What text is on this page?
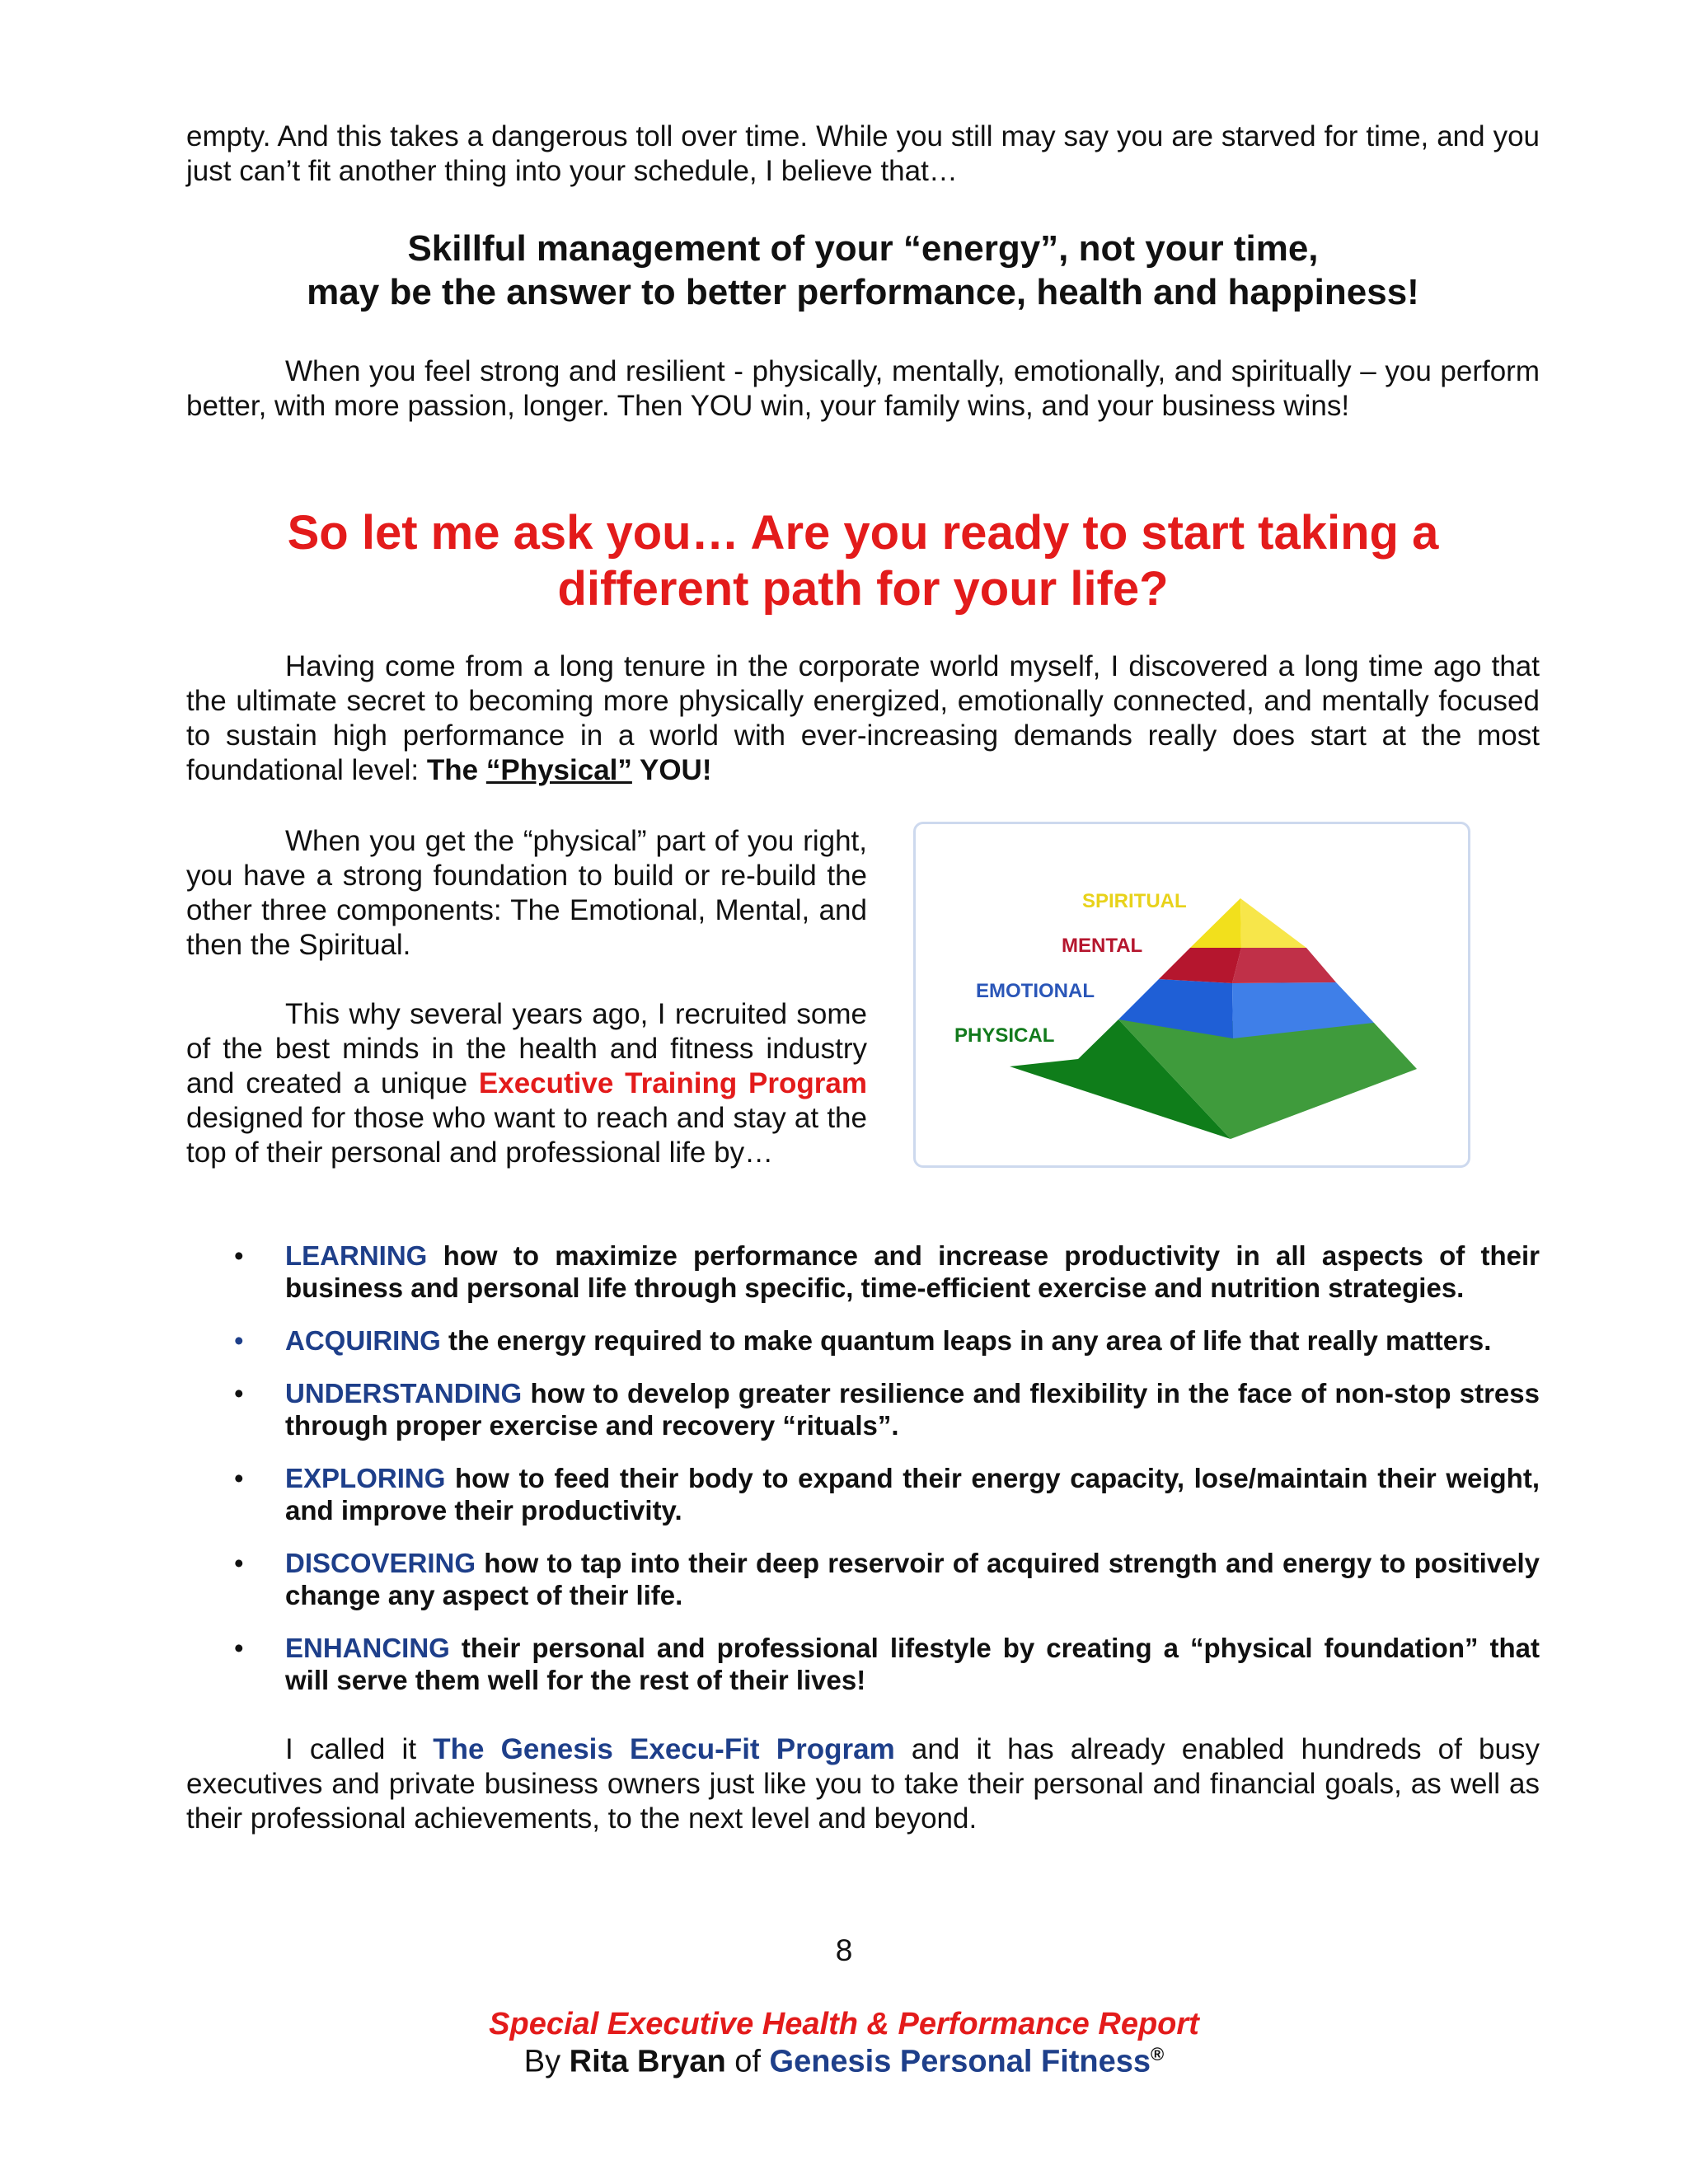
empty. And this takes a dangerous toll over time. While you still may say you are starved for time, and you just can’t fit another thing into your schedule, I believe that…

Skillful management of your “energy”, not your time,
may be the answer to better performance, health and happiness!

When you feel strong and resilient - physically, mentally, emotionally, and spiritually – you perform better, with more passion, longer. Then YOU win, your family wins, and your business wins!

So let me ask you… Are you ready to start taking a
different path for your life?

Having come from a long tenure in the corporate world myself, I discovered a long time ago that the ultimate secret to becoming more physically energized, emotionally connected, and mentally focused to sustain high performance in a world with ever-increasing demands really does start at the most foundational level: The “Physical” YOU!

When you get the “physical” part of you right, you have a strong foundation to build or re-build the other three components: The Emotional, Mental, and then the Spiritual.

This why several years ago, I recruited some of the best minds in the health and fitness industry and created a unique Executive Training Program designed for those who want to reach and stay at the top of their personal and professional life by…

SPIRITUAL
MENTAL
EMOTIONAL
PHYSICAL
• LEARNING how to maximize performance and increase productivity in all aspects of their business and personal life through specific, time-efficient exercise and nutrition strategies.
• ACQUIRING the energy required to make quantum leaps in any area of life that really matters.
• UNDERSTANDING how to develop greater resilience and flexibility in the face of non-stop stress through proper exercise and recovery “rituals”.
• EXPLORING how to feed their body to expand their energy capacity, lose/maintain their weight, and improve their productivity.
• DISCOVERING how to tap into their deep reservoir of acquired strength and energy to positively change any aspect of their life.
• ENHANCING their personal and professional lifestyle by creating a “physical foundation” that will serve them well for the rest of their lives!

I called it The Genesis Execu-Fit Program and it has already enabled hundreds of busy executives and private business owners just like you to take their personal and financial goals, as well as their professional achievements, to the next level and beyond.

8

Special Executive Health & Performance Report

By Rita Bryan of Genesis Personal Fitness®
